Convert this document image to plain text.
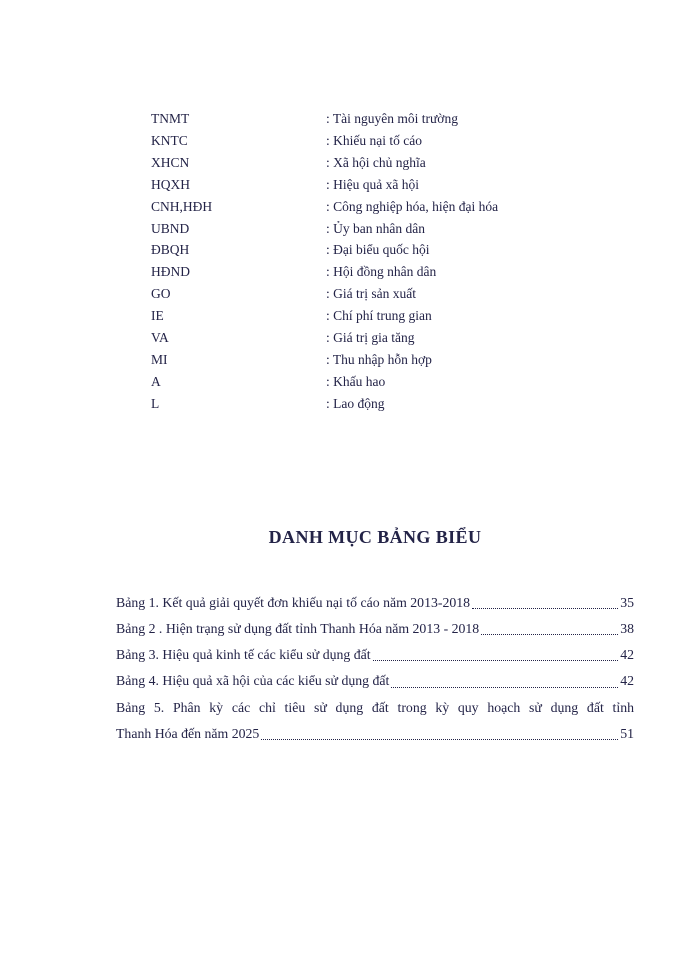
TNMT	: Tài nguyên môi trường
KNTC	: Khiếu nại tố cáo
XHCN	: Xã hội chủ nghĩa
HQXH	: Hiệu quả xã hội
CNH,HĐH	: Công nghiệp hóa, hiện đại hóa
UBND	: Ủy ban nhân dân
ĐBQH	: Đại biểu quốc hội
HĐND	: Hội đồng nhân dân
GO	: Giá trị sản xuất
IE	: Chí phí trung gian
VA	: Giá trị gia tăng
MI	: Thu nhập hỗn hợp
A	: Khấu hao
L	: Lao động
DANH MỤC BẢNG BIỂU
Bảng 1. Kết quả giải quyết đơn khiếu nại tố cáo năm 2013-2018	35
Bảng 2 . Hiện trạng sử dụng đất tỉnh Thanh Hóa năm 2013 - 2018	38
Bảng 3. Hiệu quả kinh tế các kiểu sử dụng đất	42
Bảng 4. Hiệu quả xã hội của các kiểu sử dụng đất	42
Bảng 5. Phân kỳ các chỉ tiêu sử dụng đất trong kỳ quy hoạch sử dụng đất tỉnh
Thanh Hóa đến năm 2025	51
